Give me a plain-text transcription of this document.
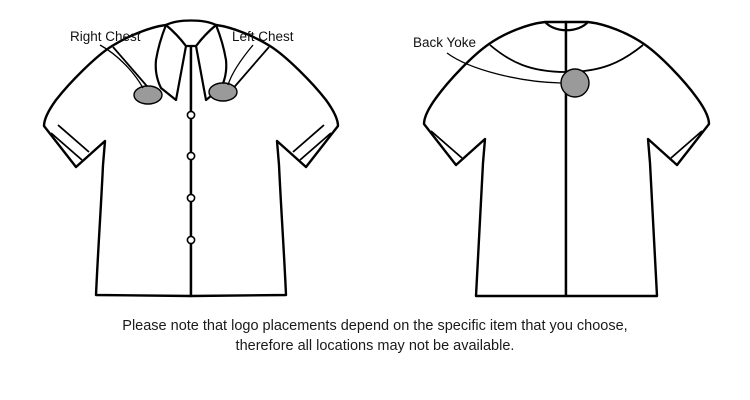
Right Chest	Left Chest	Back Yoke
Please note that logo placements depend on the specific item that you choose,
therefore all locations may not be available.
